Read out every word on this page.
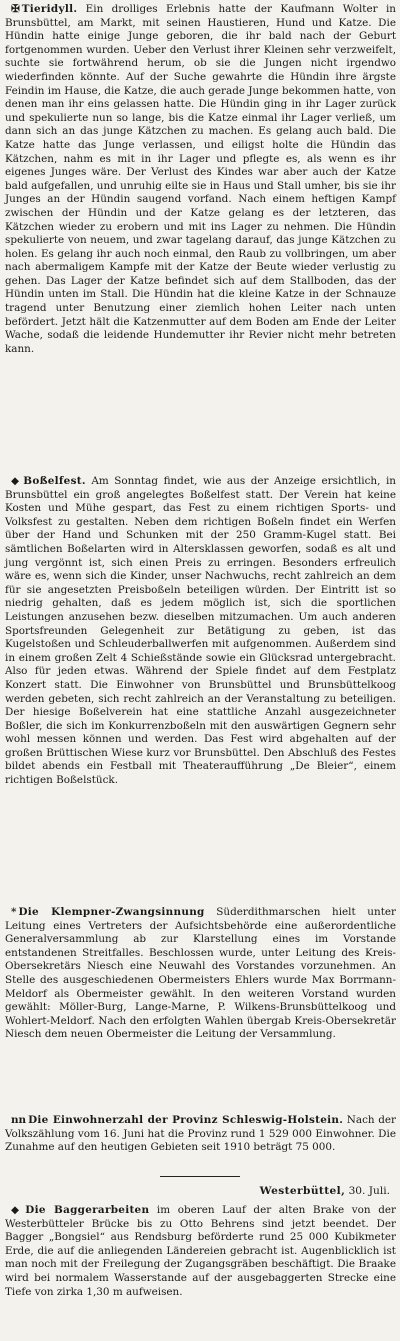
✠ Tieridyll. Ein drolliges Erlebnis hatte der Kaufmann Wolter in Brunsbüttel, am Markt, mit seinen Haustieren, Hund und Katze. Die Hündin hatte einige Junge geboren, die ihr bald nach der Geburt fortgenommen wurden. Ueber den Verlust ihrer Kleinen sehr verzweifelt, suchte sie fortwährend herum, ob sie die Jungen nicht irgendwo wiederfinden könnte. Auf der Suche gewahrte die Hündin ihre ärgste Feindin im Hause, die Katze, die auch gerade Junge bekommen hatte, von denen man ihr eins gelassen hatte. Die Hündin ging in ihr Lager zurück und spekulierte nun so lange, bis die Katze einmal ihr Lager verließ, um dann sich an das junge Kätzchen zu machen. Es gelang auch bald. Die Katze hatte das Junge verlassen, und eiligst holte die Hündin das Kätzchen, nahm es mit in ihr Lager und pflegte es, als wenn es ihr eigenes Junges wäre. Der Verlust des Kindes war aber auch der Katze bald aufgefallen, und unruhig eilte sie in Haus und Stall umher, bis sie ihr Junges an der Hündin saugend vorfand. Nach einem heftigen Kampf zwischen der Hündin und der Katze gelang es der letzteren, das Kätzchen wieder zu erobern und mit ins Lager zu nehmen. Die Hündin spekulierte von neuem, und zwar tagelang darauf, das junge Kätzchen zu holen. Es gelang ihr auch noch einmal, den Raub zu vollbringen, um aber nach abermaligem Kampfe mit der Katze der Beute wieder verlustig zu gehen. Das Lager der Katze befindet sich auf dem Stallboden, das der Hündin unten im Stall. Die Hündin hat die kleine Katze in der Schnauze tragend unter Benutzung einer ziemlich hohen Leiter nach unten befördert. Jetzt hält die Katzenmutter auf dem Boden am Ende der Leiter Wache, sodaß die leidende Hundemutter ihr Revier nicht mehr betreten kann.

◆ Boßelfest. Am Sonntag findet, wie aus der Anzeige ersichtlich, in Brunsbüttel ein groß angelegtes Boßelfest statt. Der Verein hat keine Kosten und Mühe gespart, das Fest zu einem richtigen Sports- und Volksfest zu gestalten. Neben dem richtigen Boßeln findet ein Werfen über der Hand und Schunken mit der 250 Gramm-Kugel statt. Bei sämtlichen Boßelarten wird in Altersklassen geworfen, sodaß es alt und jung vergönnt ist, sich einen Preis zu erringen. Besonders erfreulich wäre es, wenn sich die Kinder, unser Nachwuchs, recht zahlreich an dem für sie angesetzten Preisboßeln beteiligen würden. Der Eintritt ist so niedrig gehalten, daß es jedem möglich ist, sich die sportlichen Leistungen anzusehen bezw. dieselben mitzumachen. Um auch anderen Sportsfreunden Gelegenheit zur Betätigung zu geben, ist das Kugelstoßen und Schleuderballwerfen mit aufgenommen. Außerdem sind in einem großen Zelt 4 Schießstände sowie ein Glücksrad untergebracht. Also für jeden etwas. Während der Spiele findet auf dem Festplatz Konzert statt. Die Einwohner von Brunsbüttel und Brunsbüttelkoog werden gebeten, sich recht zahlreich an der Veranstaltung zu beteiligen. Der hiesige Boßelverein hat eine stattliche Anzahl ausgezeichneter Boßler, die sich im Konkurrenzboßeln mit den auswärtigen Gegnern sehr wohl messen können und werden. Das Fest wird abgehalten auf der großen Brüttischen Wiese kurz vor Brunsbüttel. Den Abschluß des Festes bildet abends ein Festball mit Theateraufführung „De Bleier“, einem richtigen Boßelstück.

* Die Klempner-Zwangsinnung Süderdithmarschen hielt unter Leitung eines Vertreters der Aufsichtsbehörde eine außerordentliche Generalversammlung ab zur Klarstellung eines im Vorstande entstandenen Streitfalles. Beschlossen wurde, unter Leitung des Kreis-Obersekretärs Niesch eine Neuwahl des Vorstandes vorzunehmen. An Stelle des ausgeschiedenen Obermeisters Ehlers wurde Max Borrmann-Meldorf als Obermeister gewählt. In den weiteren Vorstand wurden gewählt: Möller-Burg, Lange-Marne, P. Wilkens-Brunsbüttelkoog und Wohlert-Meldorf. Nach den erfolgten Wahlen übergab Kreis-Obersekretär Niesch dem neuen Obermeister die Leitung der Versammlung.

nn Die Einwohnerzahl der Provinz Schleswig-Holstein. Nach der Volkszählung vom 16. Juni hat die Provinz rund 1 529 000 Einwohner. Die Zunahme auf den heutigen Gebieten seit 1910 beträgt 75 000.

Westerbüttel, 30. Juli.

◆ Die Baggerarbeiten im oberen Lauf der alten Brake von der Westerbütteler Brücke bis zu Otto Behrens sind jetzt beendet. Der Bagger „Bongsiel“ aus Rendsburg beförderte rund 25 000 Kubikmeter Erde, die auf die anliegenden Ländereien gebracht ist. Augenblicklich ist man noch mit der Freilegung der Zugangsgräben beschäftigt. Die Braake wird bei normalem Wasserstande auf der ausgebaggerten Strecke eine Tiefe von zirka 1,30 m aufweisen.
